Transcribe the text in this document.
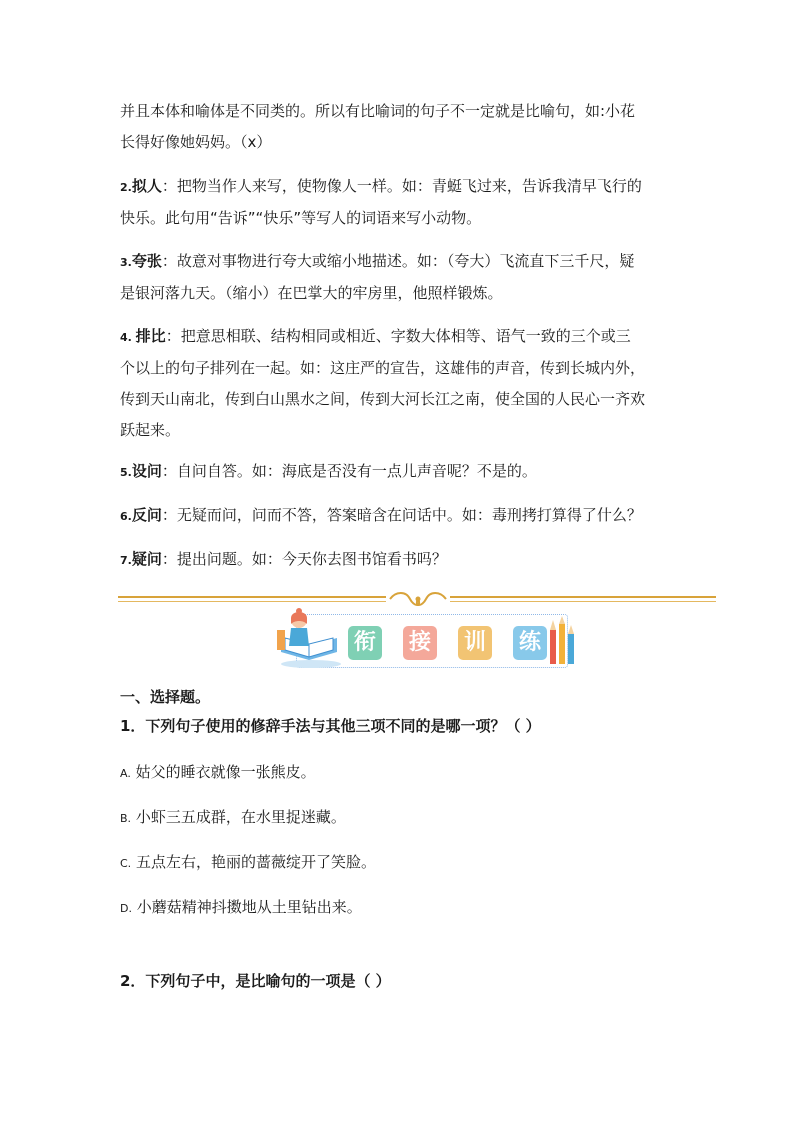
并且本体和喻体是不同类的。所以有比喻词的句子不一定就是比喻句，如:小花

长得好像她妈妈。（x）

2.拟人：把物当作人来写，使物像人一样。如：青蜓飞过来，告诉我清早飞行的

快乐。此句用“告诉”“快乐”等写人的词语来写小动物。

3.夸张：故意对事物进行夸大或缩小地描述。如：（夸大）飞流直下三千尺，疑

是银河落九天。（缩小）在巴掌大的牢房里，他照样锻炼。

4. 排比：把意思相联、结构相同或相近、字数大体相等、语气一致的三个或三

个以上的句子排列在一起。如：这庄严的宣告，这雄伟的声音，传到长城内外，

传到天山南北，传到白山黑水之间，传到大河长江之南，使全国的人民心一齐欢

跃起来。

5.设问：自问自答。如：海底是否没有一点儿声音呢？不是的。

6.反问：无疑而问，问而不答，答案暗含在问话中。如：毒刑拷打算得了什么？

7.疑问：提出问题。如：今天你去图书馆看书吗？

衔 接 训 练

一、选择题。

1．下列句子使用的修辞手法与其他三项不同的是哪一项？（ ）

A. 姑父的睡衣就像一张熊皮。

B. 小虾三五成群，在水里捉迷藏。

C. 五点左右，艳丽的蔷薇绽开了笑脸。

D. 小蘑菇精神抖擞地从土里钻出来。

2．下列句子中，是比喻句的一项是（ ）
